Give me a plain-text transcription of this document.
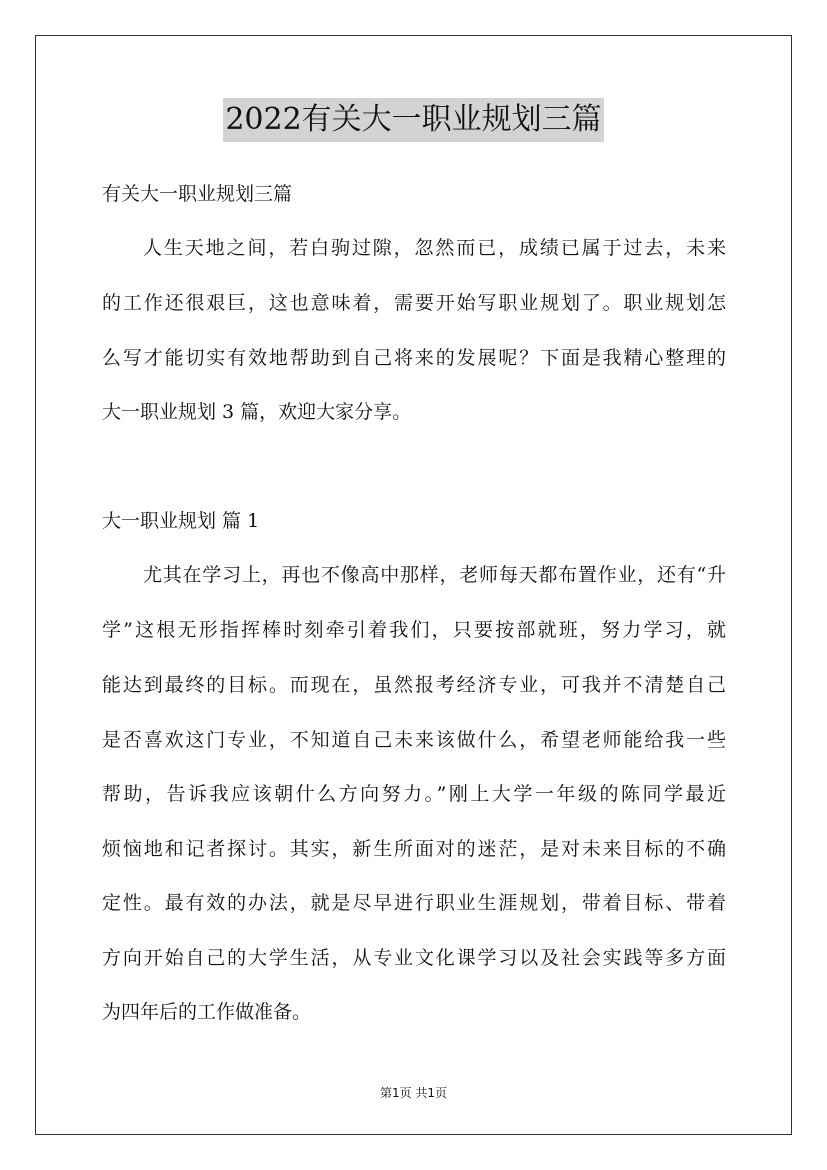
2022有关大一职业规划三篇
有关大一职业规划三篇
人生天地之间，若白驹过隙，忽然而已，成绩已属于过去，未来
的工作还很艰巨，这也意味着，需要开始写职业规划了。职业规划怎
么写才能切实有效地帮助到自己将来的发展呢？下面是我精心整理的
大一职业规划 3 篇，欢迎大家分享。
大一职业规划 篇 1
尤其在学习上，再也不像高中那样，老师每天都布置作业，还有“升
学”这根无形指挥棒时刻牵引着我们，只要按部就班，努力学习，就
能达到最终的目标。而现在，虽然报考经济专业，可我并不清楚自己
是否喜欢这门专业，不知道自己未来该做什么，希望老师能给我一些
帮助，告诉我应该朝什么方向努力。”刚上大学一年级的陈同学最近
烦恼地和记者探讨。其实，新生所面对的迷茫，是对未来目标的不确
定性。最有效的办法，就是尽早进行职业生涯规划，带着目标、带着
方向开始自己的大学生活，从专业文化课学习以及社会实践等多方面
为四年后的工作做准备。
第1页 共1页
